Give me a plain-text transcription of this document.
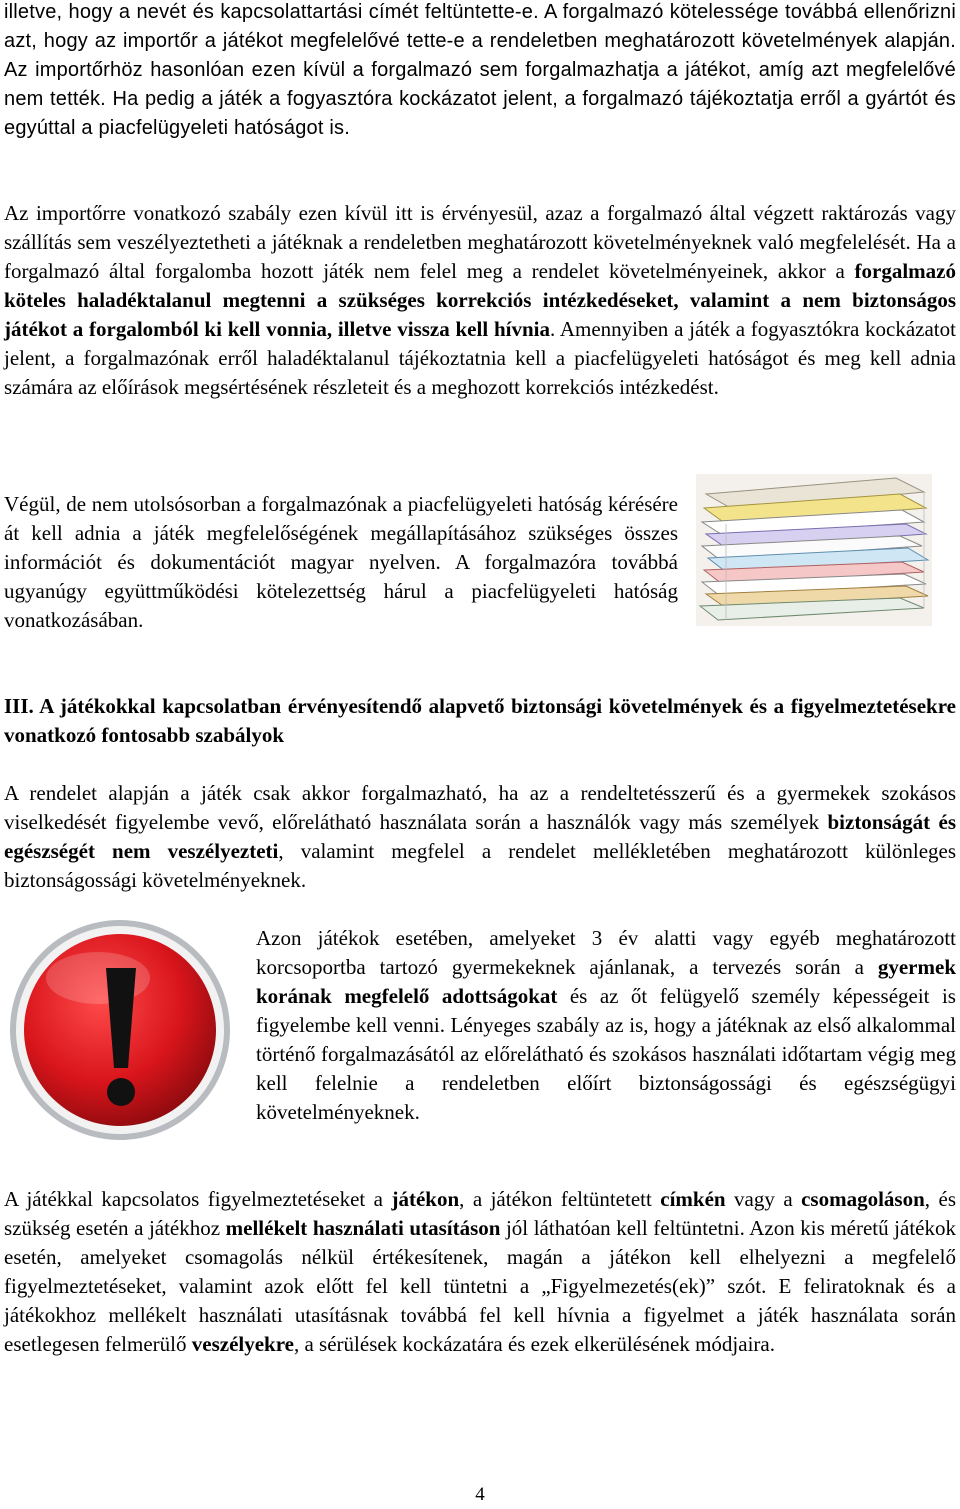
illetve, hogy a nevét és kapcsolattartási címét feltüntette-e. A forgalmazó kötelessége továbbá ellenőrizni azt, hogy az importőr a játékot megfelelővé tette-e a rendeletben meghatározott követelmények alapján. Az importőrhöz hasonlóan ezen kívül a forgalmazó sem forgalmazhatja a játékot, amíg azt megfelelővé nem tették. Ha pedig a játék a fogyasztóra kockázatot jelent, a forgalmazó tájékoztatja erről a gyártót és egyúttal a piacfelügyeleti hatóságot is.

Az importőrre vonatkozó szabály ezen kívül itt is érvényesül, azaz a forgalmazó által végzett raktározás vagy szállítás sem veszélyeztetheti a játéknak a rendeletben meghatározott követelményeknek való megfelelését. Ha a forgalmazó által forgalomba hozott játék nem felel meg a rendelet követelményeinek, akkor a forgalmazó köteles haladéktalanul megtenni a szükséges korrekciós intézkedéseket, valamint a nem biztonságos játékot a forgalomból ki kell vonnia, illetve vissza kell hívnia. Amennyiben a játék a fogyasztókra kockázatot jelent, a forgalmazónak erről haladéktalanul tájékoztatnia kell a piacfelügyeleti hatóságot és meg kell adnia számára az előírások megsértésének részleteit és a meghozott korrekciós intézkedést.

Végül, de nem utolsósorban a forgalmazónak a piacfelügyeleti hatóság kérésére át kell adnia a játék megfelelőségének megállapításához szükséges összes információt és dokumentációt magyar nyelven. A forgalmazóra továbbá ugyanúgy együttműködési kötelezettség hárul a piacfelügyeleti hatóság vonatkozásában.

III. A játékokkal kapcsolatban érvényesítendő alapvető biztonsági követelmények és a figyelmeztetésekre vonatkozó fontosabb szabályok

A rendelet alapján a játék csak akkor forgalmazható, ha az a rendeltetésszerű és a gyermekek szokásos viselkedését figyelembe vevő, előrelátható használata során a használók vagy más személyek biztonságát és egészségét nem veszélyezteti, valamint megfelel a rendelet mellékletében meghatározott különleges biztonságossági követelményeknek.

Azon játékok esetében, amelyeket 3 év alatti vagy egyéb meghatározott korcsoportba tartozó gyermekeknek ajánlanak, a tervezés során a gyermek korának megfelelő adottságokat és az őt felügyelő személy képességeit is figyelembe kell venni. Lényeges szabály az is, hogy a játéknak az első alkalommal történő forgalmazásától az előrelátható és szokásos használati időtartam végig meg kell felelnie a rendeletben előírt biztonságossági és egészségügyi követelményeknek.

A játékkal kapcsolatos figyelmeztetéseket a játékon, a játékon feltüntetett címkén vagy a csomagoláson, és szükség esetén a játékhoz mellékelt használati utasításon jól láthatóan kell feltüntetni. Azon kis méretű játékok esetén, amelyeket csomagolás nélkül értékesítenek, magán a játékon kell elhelyezni a megfelelő figyelmeztetéseket, valamint azok előtt fel kell tüntetni a „Figyelmezetés(ek)” szót. E feliratoknak és a játékokhoz mellékelt használati utasításnak továbbá fel kell hívnia a figyelmet a játék használata során esetlegesen felmerülő veszélyekre, a sérülések kockázatára és ezek elkerülésének módjaira.

4
